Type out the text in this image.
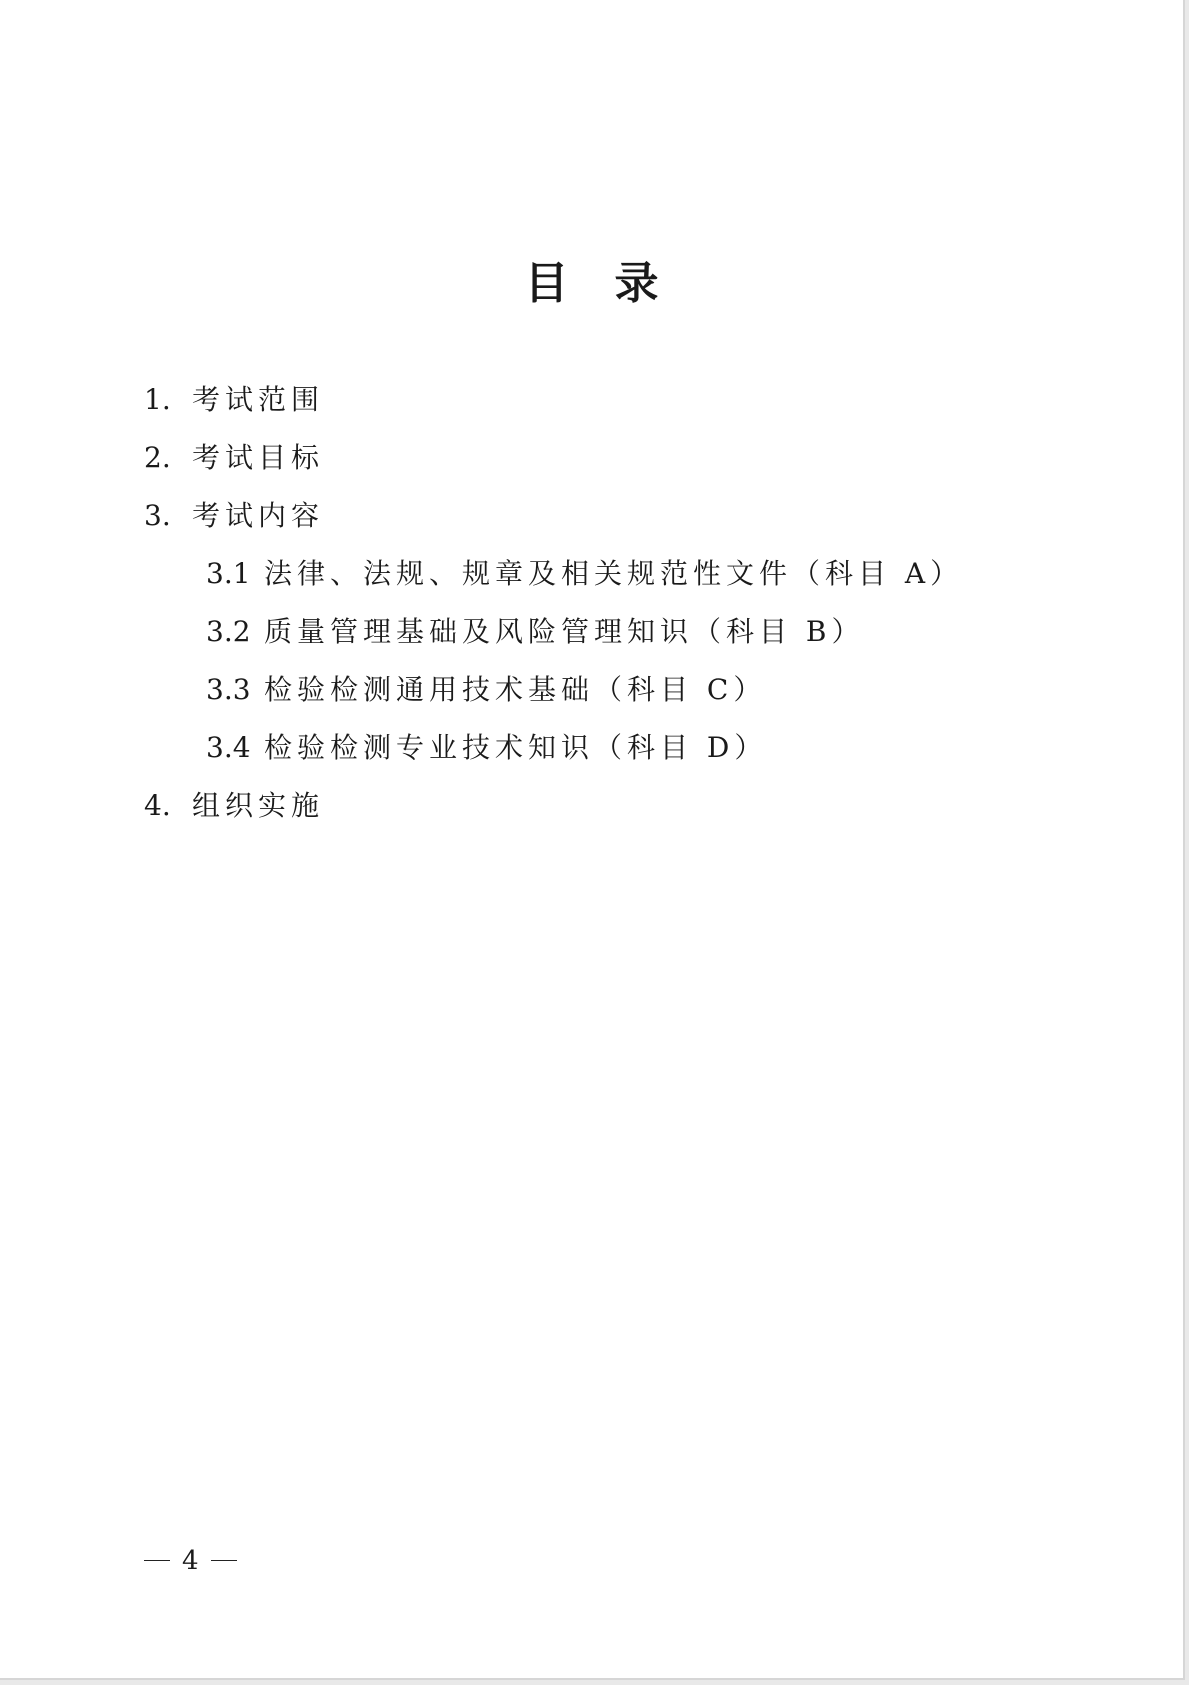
目 录
1. 考试范围
2. 考试目标
3. 考试内容
3.1 法律、法规、规章及相关规范性文件（科目 A）
3.2 质量管理基础及风险管理知识（科目 B）
3.3 检验检测通用技术基础（科目 C）
3.4 检验检测专业技术知识（科目 D）
4. 组织实施
4
